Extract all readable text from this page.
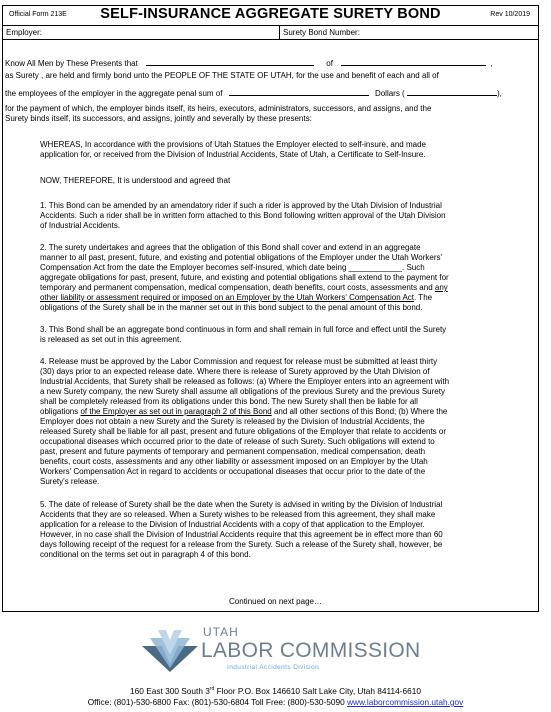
Official Form 213E	SELF-INSURANCE AGGREGATE SURETY BOND	Rev 10/2019
Employer:	Surety Bond Number:
Know All Men by These Presents that	of	,
as Surety , are held and firmly bond unto the PEOPLE OF THE STATE OF UTAH, for the use and benefit of each and all of
the employees of the employer in the aggregate penal sum of	Dollars (	),
for the payment of which, the employer binds itself, its heirs, executors, administrators, successors, and assigns, and the
Surety binds itself, its successors, and assigns, jointly and severally by these presents:
WHEREAS, In accordance with the provisions of Utah Statues the Employer elected to self-insure, and made
application for, or received from the Division of Industrial Accidents, State of Utah, a Certificate to Self-Insure.
NOW, THEREFORE, It is understood and agreed that
1. This Bond can be amended by an amendatory rider if such a rider is approved by the Utah Division of Industrial
Accidents. Such a rider shall be in written form attached to this Bond following written approval of the Utah Division
of Industrial Accidents.
2. The surety undertakes and agrees that the obligation of this Bond shall cover and extend in an aggregate
manner to all past, present, future, and existing and potential obligations of the Employer under the Utah Workers'
Compensation Act from the date the Employer becomes self-insured, which date being ____________. Such
aggregate obligations for past, present, future, and existing and potential obligations shall extend to the payment for
temporary and permanent compensation, medical compensation, death benefits, court costs, assessments and any
other liability or assessment required or imposed on an Employer by the Utah Workers' Compensation Act. The
obligations of the Surety shall be in the manner set out in this bond subject to the penal amount of this bond.
3. This Bond shall be an aggregate bond continuous in form and shall remain in full force and effect until the Surety
is released as set out in this agreement.
4. Release must be approved by the Labor Commission and request for release must be submitted at least thirty
(30) days prior to an expected release date. Where there is release of Surety approved by the Utah Division of
Industrial Accidents, that Surety shall be released as follows: (a) Where the Employer enters into an agreement with
a new Surety company, the new Surety shall assume all obligations of the previous Surety and the previous Surety
shall be completely released from its obligations under this bond. The new Surety shall then be liable for all
obligations of the Employer as set out in paragraph 2 of this Bond and all other sections of this Bond; (b) Where the
Employer does not obtain a new Surety and the Surety is released by the Division of Industrial Accidents, the
released Surety shall be liable for all past, present and future obligations of the Employer that relate to accidents or
occupational diseases which occurred prior to the date of release of such Surety. Such obligations will extend to
past, present and future payments of temporary and permanent compensation, medical compensation, death
benefits, court costs, assessments and any other liability or assessment imposed on an Employer by the Utah
Workers' Compensation Act in regard to accidents or occupational diseases that occur prior to the date of the
Surety's release.
5. The date of release of Surety shall be the date when the Surety is advised in writing by the Division of Industrial
Accidents that they are so released. When a Surety wishes to be released from this agreement, they shall make
application for a release to the Division of Industrial Accidents with a copy of that application to the Employer.
However, in no case shall the Division of Industrial Accidents require that this agreement be in effect more than 60
days following receipt of the request for a release from the Surety. Such a release of the Surety shall, however, be
conditional on the terms set out in paragraph 4 of this bond.
Continued on next page…
UTAH
LABOR COMMISSION
Industrial Accidents Division
160 East 300 South 3rd Floor P.O. Box 146610 Salt Lake City, Utah 84114-6610
Office: (801)-530-6800 Fax: (801)-530-6804 Toll Free: (800)-530-5090 www.laborcommission.utah.gov
